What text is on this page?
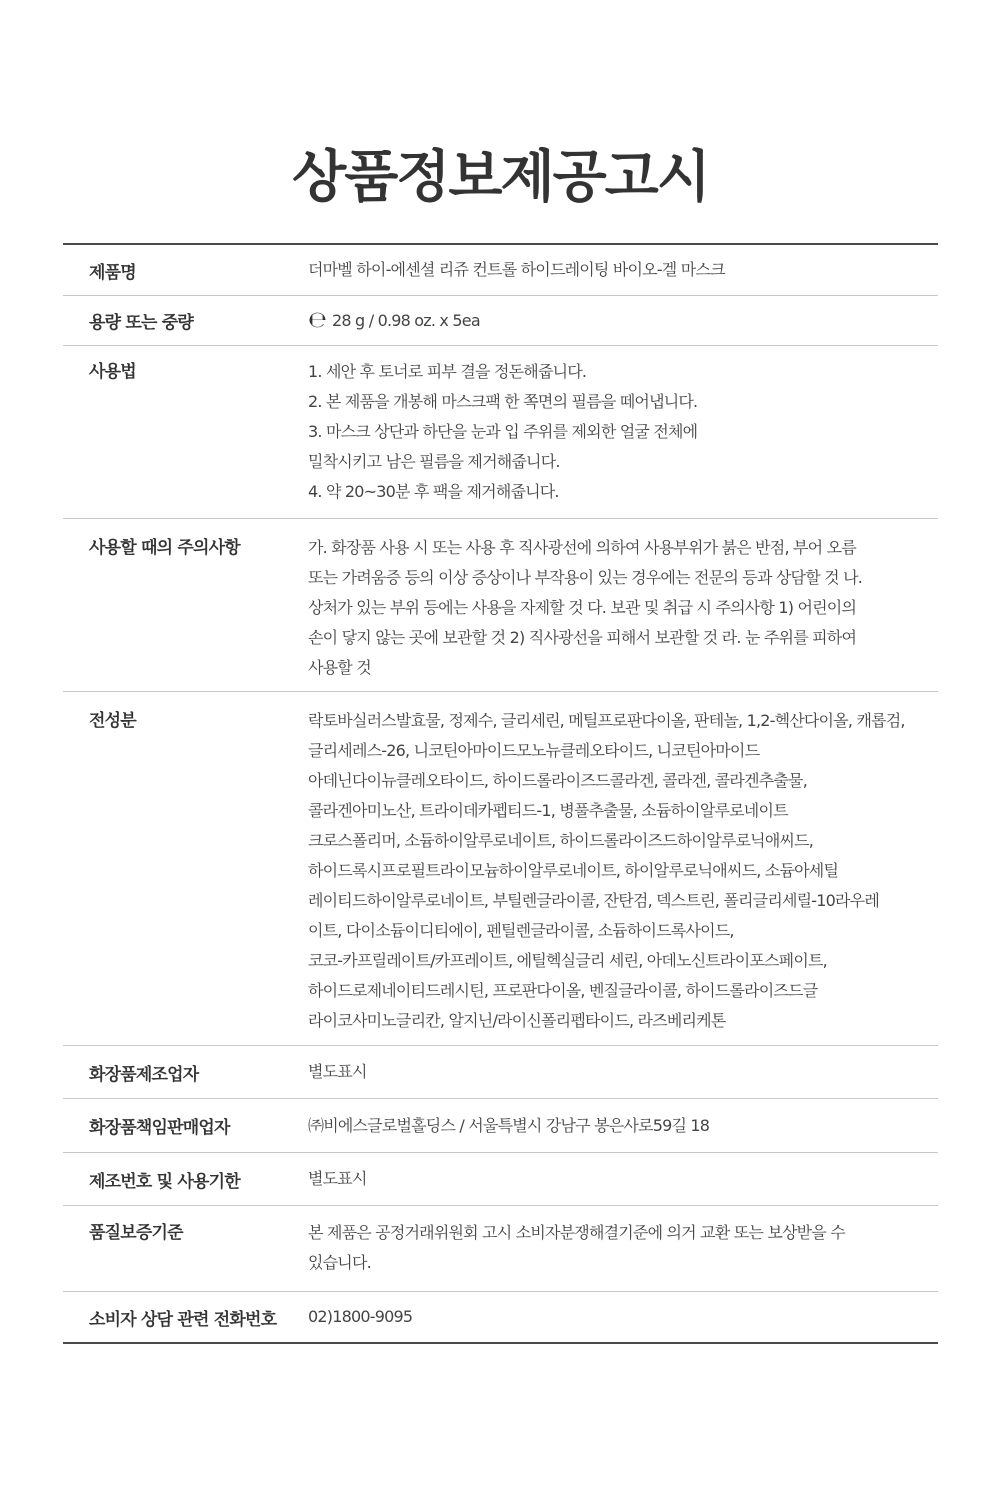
상품정보제공고시
제품명	더마벨 하이-에센셜 리쥬 컨트롤 하이드레이팅 바이오-겔 마스크
용량 또는 중량	℮ 28 g / 0.98 oz. x 5ea
사용법	1. 세안 후 토너로 피부 결을 정돈해줍니다.
2. 본 제품을 개봉해 마스크팩 한 쪽면의 필름을 떼어냅니다.
3. 마스크 상단과 하단을 눈과 입 주위를 제외한 얼굴 전체에
밀착시키고 남은 필름을 제거해줍니다.
4. 약 20~30분 후 팩을 제거해줍니다.
사용할 때의 주의사항	가. 화장품 사용 시 또는 사용 후 직사광선에 의하여 사용부위가 붉은 반점, 부어 오름
또는 가려움증 등의 이상 증상이나 부작용이 있는 경우에는 전문의 등과 상담할 것 나.
상처가 있는 부위 등에는 사용을 자제할 것 다. 보관 및 취급 시 주의사항 1) 어린이의
손이 닿지 않는 곳에 보관할 것 2) 직사광선을 피해서 보관할 것 라. 눈 주위를 피하여
사용할 것
전성분	락토바실러스발효물, 정제수, 글리세린, 메틸프로판다이올, 판테놀, 1,2-헥산다이올, 캐롭검,
글리세레스-26, 니코틴아마이드모노뉴클레오타이드, 니코틴아마이드
아데닌다이뉴클레오타이드, 하이드롤라이즈드콜라겐, 콜라겐, 콜라겐추출물,
콜라겐아미노산, 트라이데카펩티드-1, 병풀추출물, 소듐하이알루로네이트
크로스폴리머, 소듐하이알루로네이트, 하이드롤라이즈드하이알루로닉애씨드,
하이드록시프로필트라이모늄하이알루로네이트, 하이알루로닉애씨드, 소듐아세틸
레이티드하이알루로네이트, 부틸렌글라이콜, 잔탄검, 덱스트린, 폴리글리세릴-10라우레
이트, 다이소듐이디티에이, 펜틸렌글라이콜, 소듐하이드록사이드,
코코-카프릴레이트/카프레이트, 에틸헥실글리 세린, 아데노신트라이포스페이트,
하이드로제네이티드레시틴, 프로판다이올, 벤질글라이콜, 하이드롤라이즈드글
라이코사미노글리칸, 알지닌/라이신폴리펩타이드, 라즈베리케톤
화장품제조업자	별도표시
화장품책임판매업자	㈜비에스글로벌홀딩스 / 서울특별시 강남구 봉은사로59길 18
제조번호 및 사용기한	별도표시
품질보증기준	본 제품은 공정거래위원회 고시 소비자분쟁해결기준에 의거 교환 또는 보상받을 수
있습니다.
소비자 상담 관련 전화번호	02)1800-9095
